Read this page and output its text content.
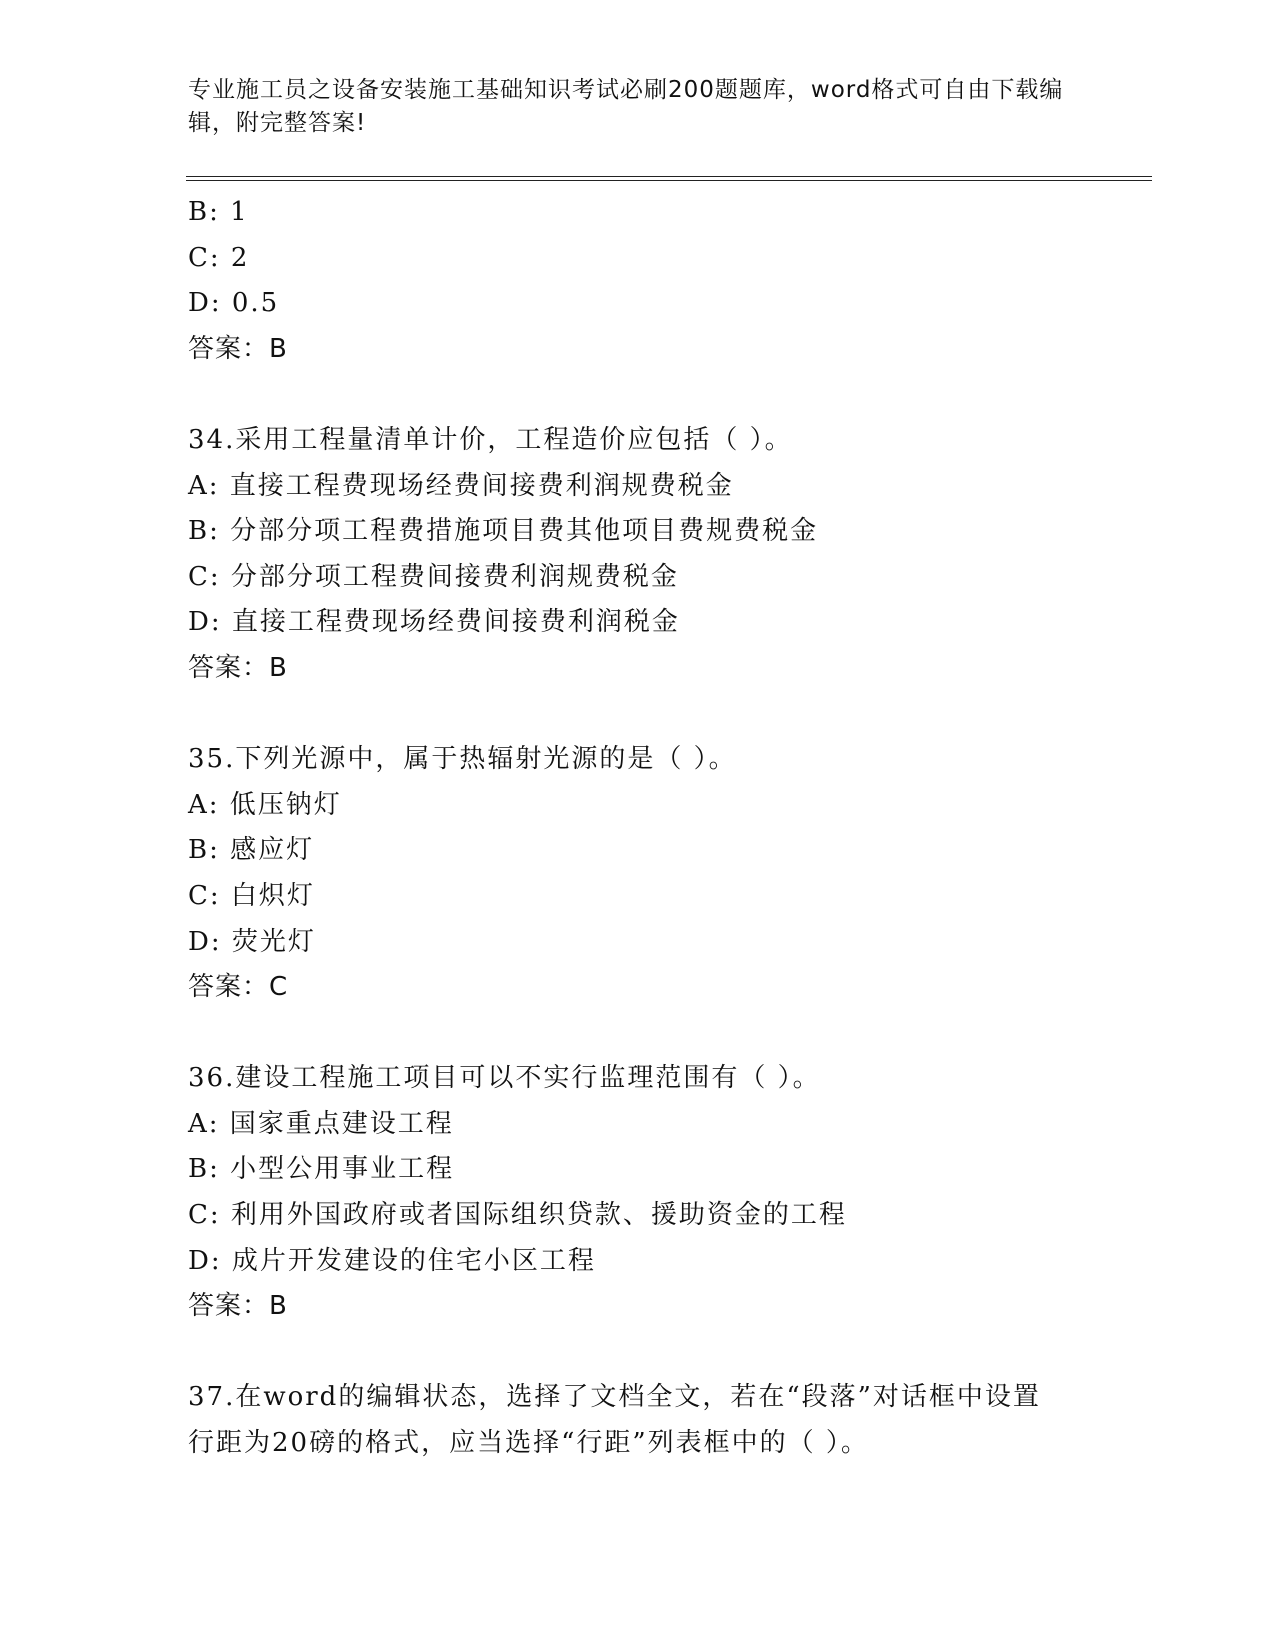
专业施工员之设备安装施工基础知识考试必刷200题题库，word格式可自由下载编辑，附完整答案!
B: 1
C: 2
D: 0.5
答案：B
34.采用工程量清单计价，工程造价应包括（ ）。
A: 直接工程费现场经费间接费利润规费税金
B: 分部分项工程费措施项目费其他项目费规费税金
C: 分部分项工程费间接费利润规费税金
D: 直接工程费现场经费间接费利润税金
答案：B
35.下列光源中，属于热辐射光源的是（ ）。
A: 低压钠灯
B: 感应灯
C: 白炽灯
D: 荧光灯
答案：C
36.建设工程施工项目可以不实行监理范围有（ ）。
A: 国家重点建设工程
B: 小型公用事业工程
C: 利用外国政府或者国际组织贷款、援助资金的工程
D: 成片开发建设的住宅小区工程
答案：B
37.在word的编辑状态，选择了文档全文，若在“段落”对话框中设置行距为20磅的格式，应当选择“行距”列表框中的（ ）。
